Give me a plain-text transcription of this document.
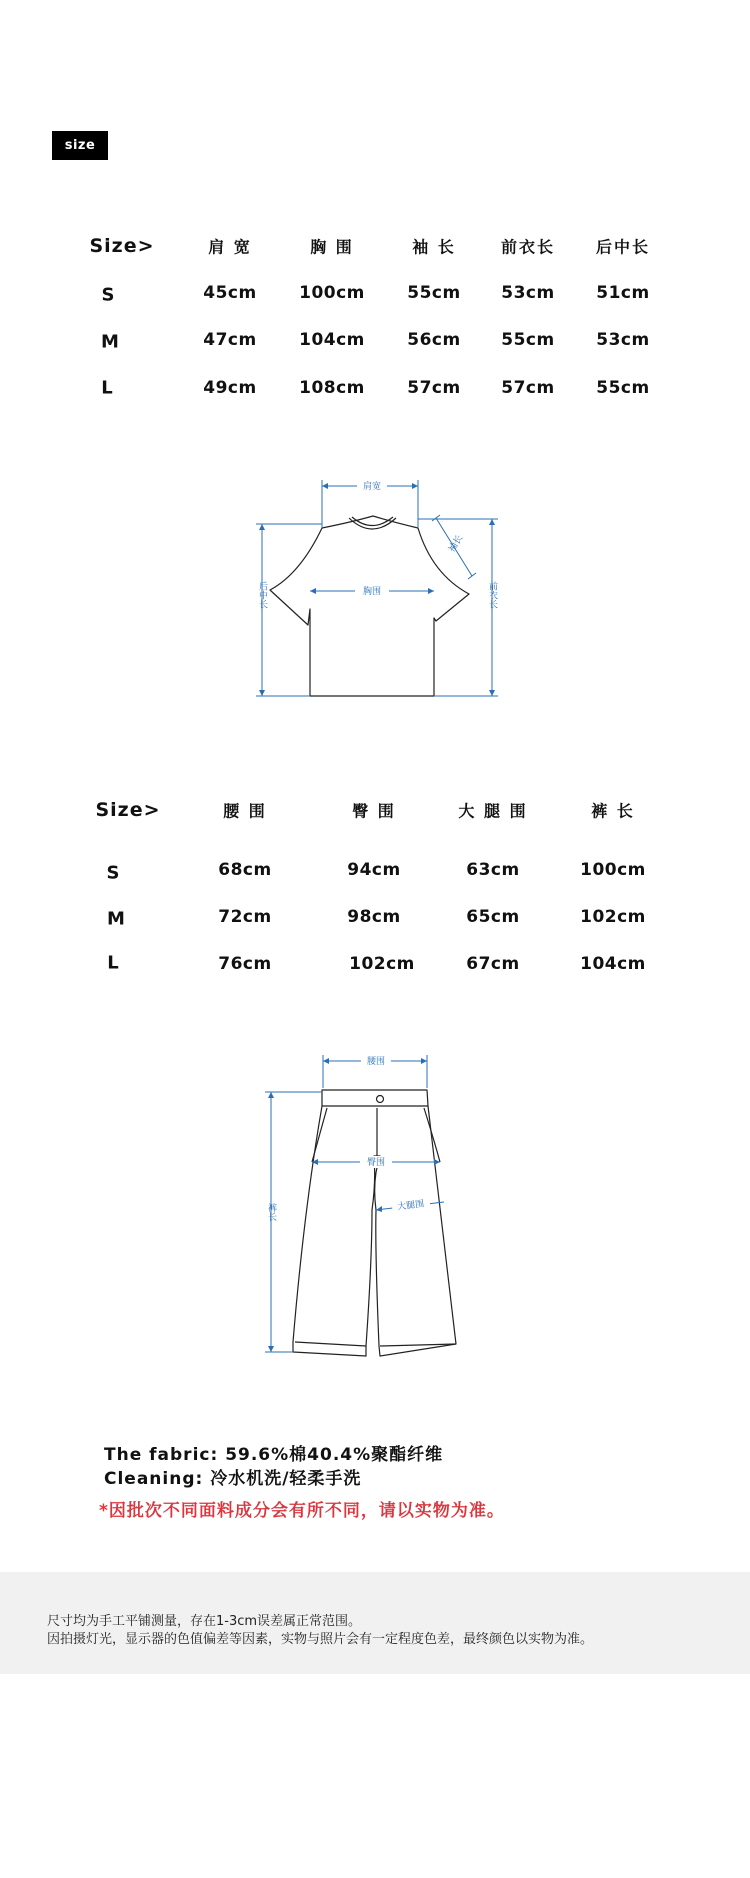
size
Size>	肩 宽	胸 围	袖 长	前衣长	后中长
S	45cm 100cm 55cm 53cm 51cm
M	47cm 104cm 56cm 55cm 53cm
L	49cm 108cm 57cm 57cm 55cm
肩宽
胸围
袖长
后中长	前衣长
Size>	腰 围	臀 围	大 腿 围	裤 长
S	68cm	94cm	63cm	100cm
M	72cm	98cm	65cm	102cm
L	76cm	102cm	67cm	104cm
腰围
臀围
大腿围
裤长
The fabric: 59.6%棉40.4%聚酯纤维
Cleaning: 冷水机洗/轻柔手洗
*因批次不同面料成分会有所不同，请以实物为准。

尺寸均为手工平铺测量，存在1-3cm误差属正常范围。

因拍摄灯光，显示器的色值偏差等因素，实物与照片会有一定程度色差，最终颜色以实物为准。
